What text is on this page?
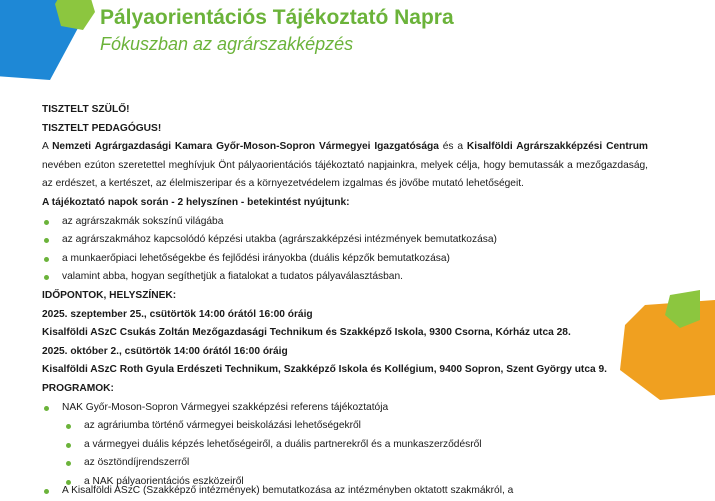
Pályaorientációs Tájékoztató Napra
Fókuszban az agrárszakképzés
TISZTELT SZÜLŐ!
TISZTELT PEDAGÓGUS!
A Nemzeti Agrárgazdasági Kamara Győr-Moson-Sopron Vármegyei Igazgatósága és a Kisalföldi Agrárszakképzési Centrum nevében ezúton szeretettel meghívjuk Önt pályaorientációs tájékoztató napjainkra, melyek célja, hogy bemutassák a mezőgazdaság, az erdészet, a kertészet, az élelmiszeripar és a környezetvédelem izgalmas és jövőbe mutató lehetőségeit.
A tájékoztató napok során - 2 helyszínen - betekintést nyújtunk:
az agrárszakmák sokszínű világába
az agrárszakmához kapcsolódó képzési utakba (agrárszakképzési intézmények bemutatkozása)
a munkaerőpiaci lehetőségekbe és fejlődési irányokba (duális képzők bemutatkozása)
valamint abba, hogyan segíthetjük a fiatalokat a tudatos pályaválasztásban.
IDŐPONTOK, HELYSZÍNEK:
2025. szeptember 25., csütörtök 14:00 órától 16:00 óráig
Kisalföldi ASzC Csukás Zoltán Mezőgazdasági Technikum és Szakképző Iskola, 9300 Csorna, Kórház utca 28.
2025. október 2., csütörtök 14:00 órától 16:00 óráig
Kisalföldi ASzC Roth Gyula Erdészeti Technikum, Szakképző Iskola és Kollégium, 9400 Sopron, Szent György utca 9.
PROGRAMOK:
NAK Győr-Moson-Sopron Vármegyei szakképzési referens tájékoztatója
az agráriumba történő vármegyei beiskolázási lehetőségekről
a vármegyei duális képzés lehetőségeiről, a duális partnerekről és a munkaszerződésről
az ösztöndíjrendszerről
a NAK pályaorientációs eszközeiről
A Kisalföldi ASzC (Szakképző intézmények) bemutatkozása az intézményben oktatott szakmákról, a
